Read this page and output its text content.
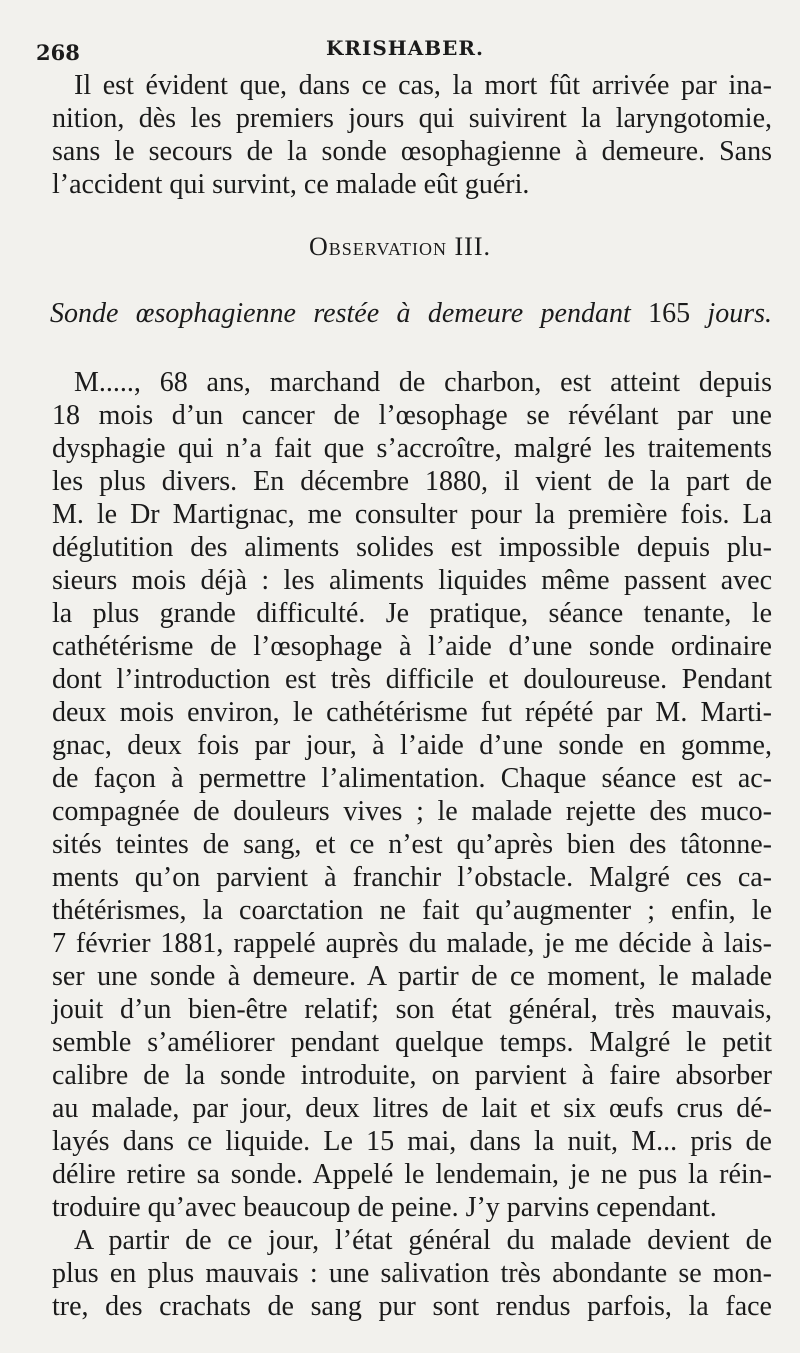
268	KRISHABER.
Il est évident que, dans ce cas, la mort fût arrivée par ina-
nition, dès les premiers jours qui suivirent la laryngotomie,
sans le secours de la sonde œsophagienne à demeure. Sans
l’accident qui survint, ce malade eût guéri.
Observation III.
Sonde œsophagienne restée à demeure pendant 165 jours.
M....., 68 ans, marchand de charbon, est atteint depuis
18 mois d’un cancer de l’œsophage se révélant par une
dysphagie qui n’a fait que s’accroître, malgré les traitements
les plus divers. En décembre 1880, il vient de la part de
M. le Dr Martignac, me consulter pour la première fois. La
déglutition des aliments solides est impossible depuis plu-
sieurs mois déjà : les aliments liquides même passent avec
la plus grande difficulté. Je pratique, séance tenante, le
cathétérisme de l’œsophage à l’aide d’une sonde ordinaire
dont l’introduction est très difficile et douloureuse. Pendant
deux mois environ, le cathétérisme fut répété par M. Marti-
gnac, deux fois par jour, à l’aide d’une sonde en gomme,
de façon à permettre l’alimentation. Chaque séance est ac-
compagnée de douleurs vives ; le malade rejette des muco-
sités teintes de sang, et ce n’est qu’après bien des tâtonne-
ments qu’on parvient à franchir l’obstacle. Malgré ces ca-
thétérismes, la coarctation ne fait qu’augmenter ; enfin, le
7 février 1881, rappelé auprès du malade, je me décide à lais-
ser une sonde à demeure. A partir de ce moment, le malade
jouit d’un bien-être relatif; son état général, très mauvais,
semble s’améliorer pendant quelque temps. Malgré le petit
calibre de la sonde introduite, on parvient à faire absorber
au malade, par jour, deux litres de lait et six œufs crus dé-
layés dans ce liquide. Le 15 mai, dans la nuit, M... pris de
délire retire sa sonde. Appelé le lendemain, je ne pus la réin-
troduire qu’avec beaucoup de peine. J’y parvins cependant.
A partir de ce jour, l’état général du malade devient de
plus en plus mauvais : une salivation très abondante se mon-
tre, des crachats de sang pur sont rendus parfois, la face
